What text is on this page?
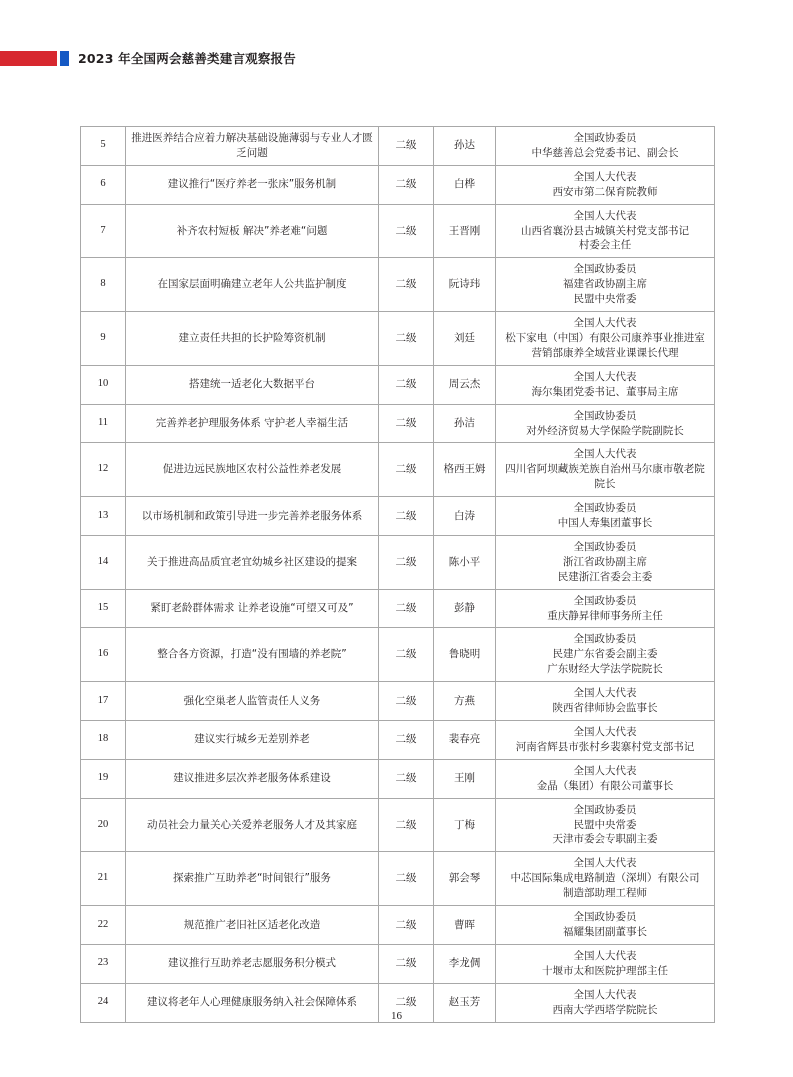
2023 年全国两会慈善类建言观察报告
5	推进医养结合应着力解决基础设施薄弱与专业人才匮乏问题	二级	孙达	全国政协委员
中华慈善总会党委书记、副会长

6	建议推行“医疗养老一张床”服务机制	二级	白桦	全国人大代表
西安市第二保育院教师

7	补齐农村短板 解决”养老难“问题	二级	王晋刚	全国人大代表
山西省襄汾县古城镇关村党支部书记
村委会主任

8	在国家层面明确建立老年人公共监护制度	二级	阮诗玮	全国政协委员
福建省政协副主席
民盟中央常委

9	建立责任共担的长护险筹资机制	二级	刘廷	全国人大代表
松下家电（中国）有限公司康养事业推进室
营销部康养全域营业课课长代理

10	搭建统一适老化大数据平台	二级	周云杰	全国人大代表
海尔集团党委书记、董事局主席

11	完善养老护理服务体系 守护老人幸福生活	二级	孙洁	全国政协委员
对外经济贸易大学保险学院副院长

12	促进边远民族地区农村公益性养老发展	二级	格西王姆	全国人大代表
四川省阿坝藏族羌族自治州马尔康市敬老院
院长

13	以市场机制和政策引导进一步完善养老服务体系	二级	白涛	全国政协委员
中国人寿集团董事长

14	关于推进高品质宜老宜幼城乡社区建设的提案	二级	陈小平	全国政协委员
浙江省政协副主席
民建浙江省委会主委

15	紧盯老龄群体需求 让养老设施“可望又可及”	二级	彭静	全国政协委员
重庆静昇律师事务所主任

16	整合各方资源，打造“没有围墙的养老院”	二级	鲁晓明	全国政协委员
民建广东省委会副主委
广东财经大学法学院院长

17	强化空巢老人监管责任人义务	二级	方燕	全国人大代表
陕西省律师协会监事长

18	建议实行城乡无差别养老	二级	裴春亮	全国人大代表
河南省辉县市张村乡裴寨村党支部书记

19	建议推进多层次养老服务体系建设	二级	王刚	全国人大代表
金晶（集团）有限公司董事长

20	动员社会力量关心关爱养老服务人才及其家庭	二级	丁梅	全国政协委员
民盟中央常委
天津市委会专职副主委

21	探索推广互助养老“时间银行”服务	二级	郭会琴	全国人大代表
中芯国际集成电路制造（深圳）有限公司
制造部助理工程师

22	规范推广老旧社区适老化改造	二级	曹晖	全国政协委员
福耀集团副董事长

23	建议推行互助养老志愿服务积分模式	二级	李龙倜	全国人大代表
十堰市太和医院护理部主任

24	建议将老年人心理健康服务纳入社会保障体系	二级	赵玉芳	全国人大代表
西南大学西塔学院院长
16
